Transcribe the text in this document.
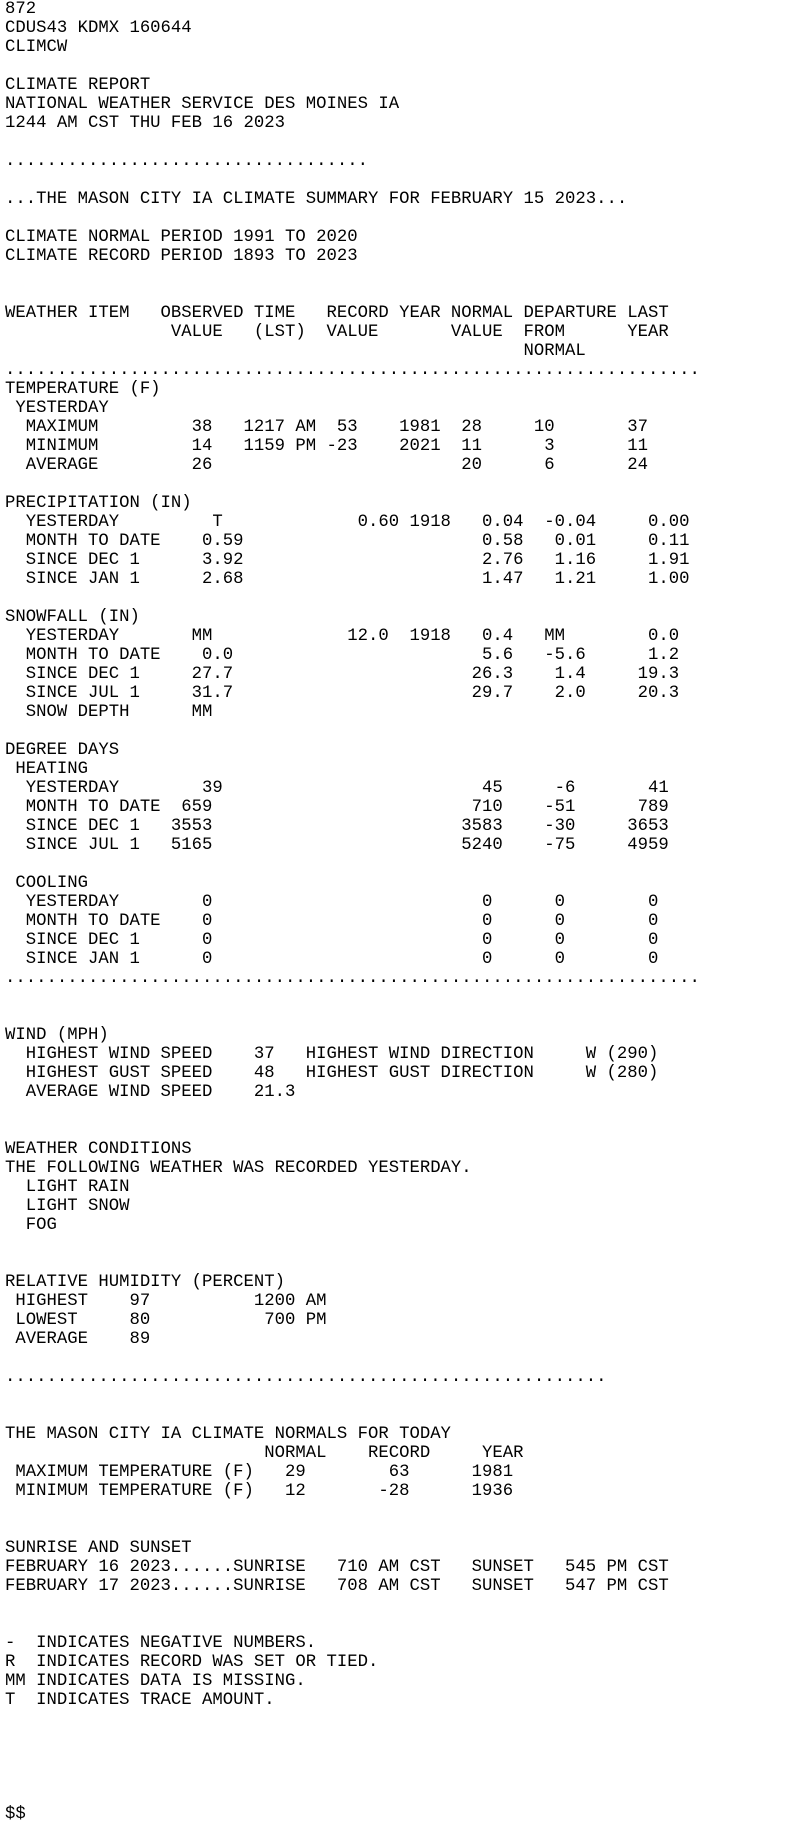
872
CDUS43 KDMX 160644
CLIMCW
CLIMATE REPORT
NATIONAL WEATHER SERVICE DES MOINES IA
1244 AM CST THU FEB 16 2023
...................................
...THE MASON CITY IA CLIMATE SUMMARY FOR FEBRUARY 15 2023...
CLIMATE NORMAL PERIOD 1991 TO 2020
CLIMATE RECORD PERIOD 1893 TO 2023
WEATHER ITEM   OBSERVED TIME   RECORD YEAR NORMAL DEPARTURE LAST
VALUE   (LST)  VALUE       VALUE  FROM      YEAR
NORMAL
...................................................................
TEMPERATURE (F)
YESTERDAY
MAXIMUM         38   1217 AM  53    1981  28     10       37
MINIMUM         14   1159 PM -23    2021  11      3       11
AVERAGE         26                        20      6       24
PRECIPITATION (IN)
YESTERDAY         T             0.60 1918   0.04  -0.04     0.00
MONTH TO DATE    0.59                       0.58   0.01     0.11
SINCE DEC 1      3.92                       2.76   1.16     1.91
SINCE JAN 1      2.68                       1.47   1.21     1.00
SNOWFALL (IN)
YESTERDAY       MM             12.0  1918   0.4   MM        0.0
MONTH TO DATE    0.0                        5.6   -5.6      1.2
SINCE DEC 1     27.7                       26.3    1.4     19.3
SINCE JUL 1     31.7                       29.7    2.0     20.3
SNOW DEPTH      MM
DEGREE DAYS
HEATING
YESTERDAY        39                         45     -6       41
MONTH TO DATE  659                         710    -51      789
SINCE DEC 1   3553                        3583    -30     3653
SINCE JUL 1   5165                        5240    -75     4959
COOLING
YESTERDAY        0                          0      0        0
MONTH TO DATE    0                          0      0        0
SINCE DEC 1      0                          0      0        0
SINCE JAN 1      0                          0      0        0
...................................................................
WIND (MPH)
HIGHEST WIND SPEED    37   HIGHEST WIND DIRECTION     W (290)
HIGHEST GUST SPEED    48   HIGHEST GUST DIRECTION     W (280)
AVERAGE WIND SPEED    21.3
WEATHER CONDITIONS
THE FOLLOWING WEATHER WAS RECORDED YESTERDAY.
LIGHT RAIN
LIGHT SNOW
FOG
RELATIVE HUMIDITY (PERCENT)
HIGHEST    97          1200 AM
LOWEST     80           700 PM
AVERAGE    89
..........................................................
THE MASON CITY IA CLIMATE NORMALS FOR TODAY
NORMAL    RECORD     YEAR
MAXIMUM TEMPERATURE (F)   29        63      1981
MINIMUM TEMPERATURE (F)   12       -28      1936
SUNRISE AND SUNSET
FEBRUARY 16 2023......SUNRISE   710 AM CST   SUNSET   545 PM CST
FEBRUARY 17 2023......SUNRISE   708 AM CST   SUNSET   547 PM CST
-  INDICATES NEGATIVE NUMBERS.
R  INDICATES RECORD WAS SET OR TIED.
MM INDICATES DATA IS MISSING.
T  INDICATES TRACE AMOUNT.
$$
